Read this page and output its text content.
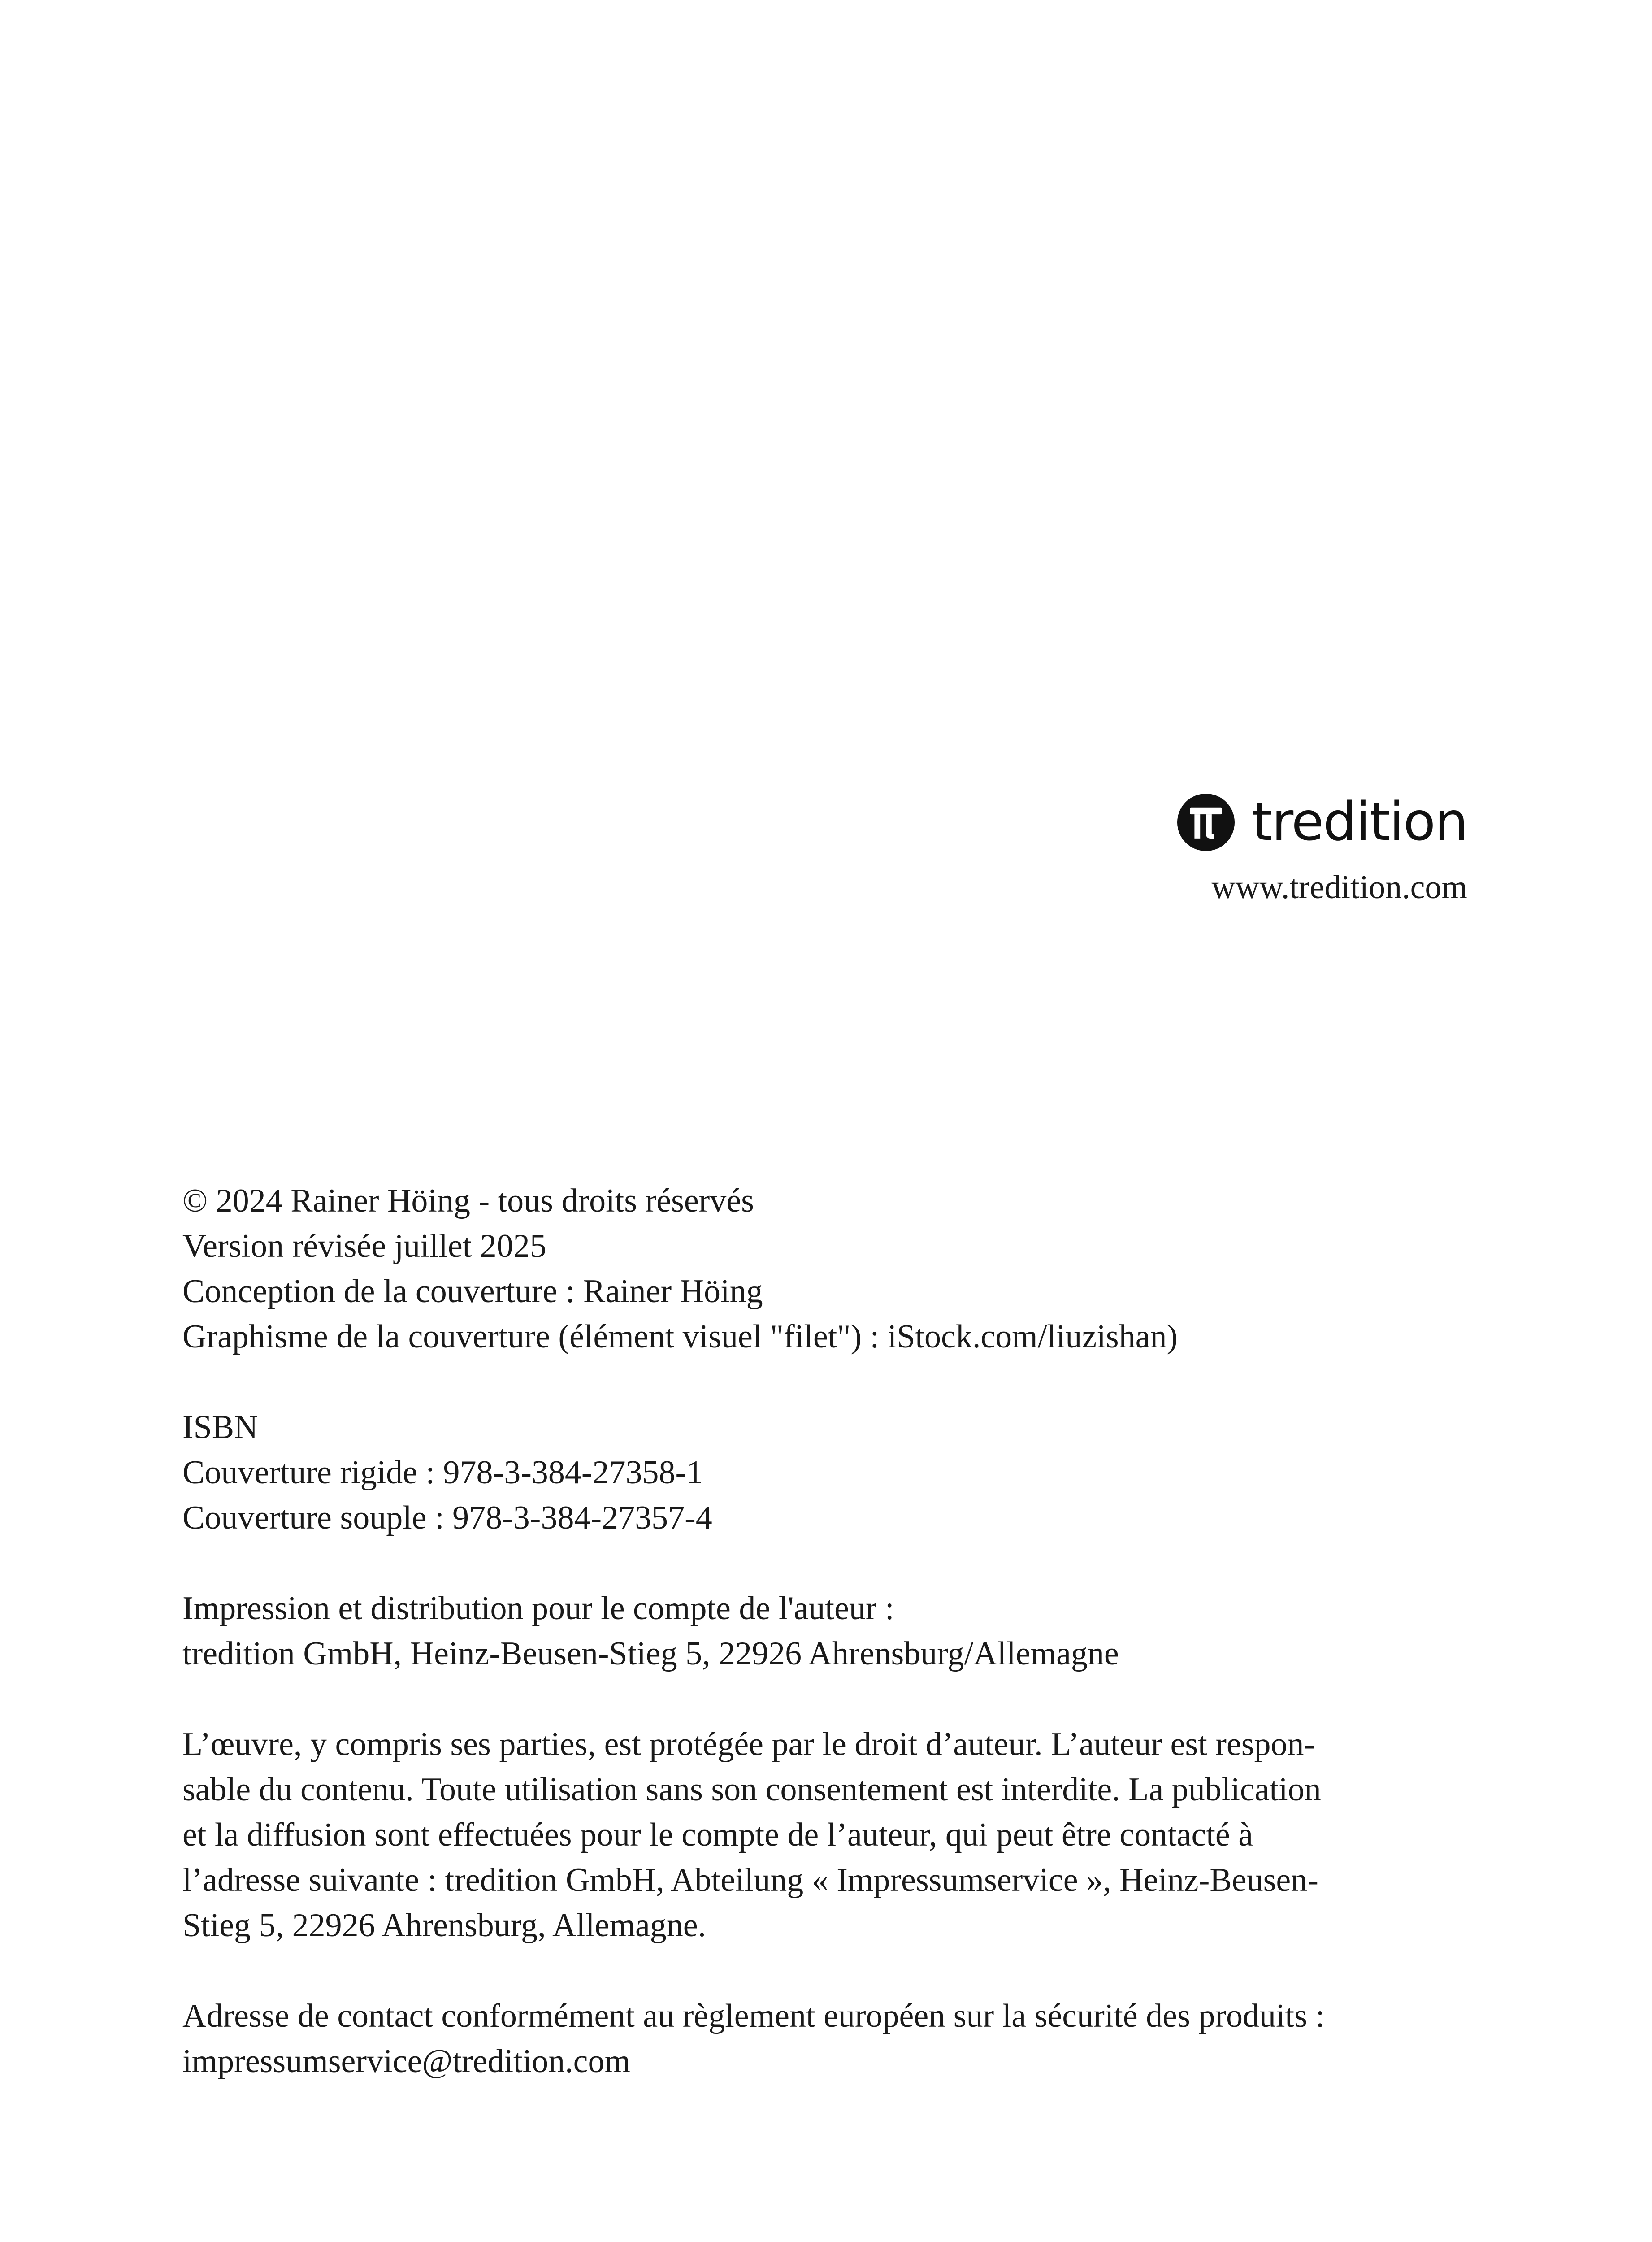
tredition
www.tredition.com
© 2024 Rainer Höing - tous droits réservés
Version révisée juillet 2025
Conception de la couverture : Rainer Höing
Graphisme de la couverture (élément visuel "filet") : iStock.com/liuzishan)
ISBN
Couverture rigide : 978-3-384-27358-1
Couverture souple : 978-3-384-27357-4
Impression et distribution pour le compte de l'auteur :
tredition GmbH, Heinz-Beusen-Stieg 5, 22926 Ahrensburg/Allemagne
L’œuvre, y compris ses parties, est protégée par le droit d’auteur. L’auteur est respon-
sable du contenu. Toute utilisation sans son consentement est interdite. La publication
et la diffusion sont effectuées pour le compte de l’auteur, qui peut être contacté à
l’adresse suivante : tredition GmbH, Abteilung « Impressumservice », Heinz-Beusen-
Stieg 5, 22926 Ahrensburg, Allemagne.
Adresse de contact conformément au règlement européen sur la sécurité des produits :
impressumservice@tredition.com
